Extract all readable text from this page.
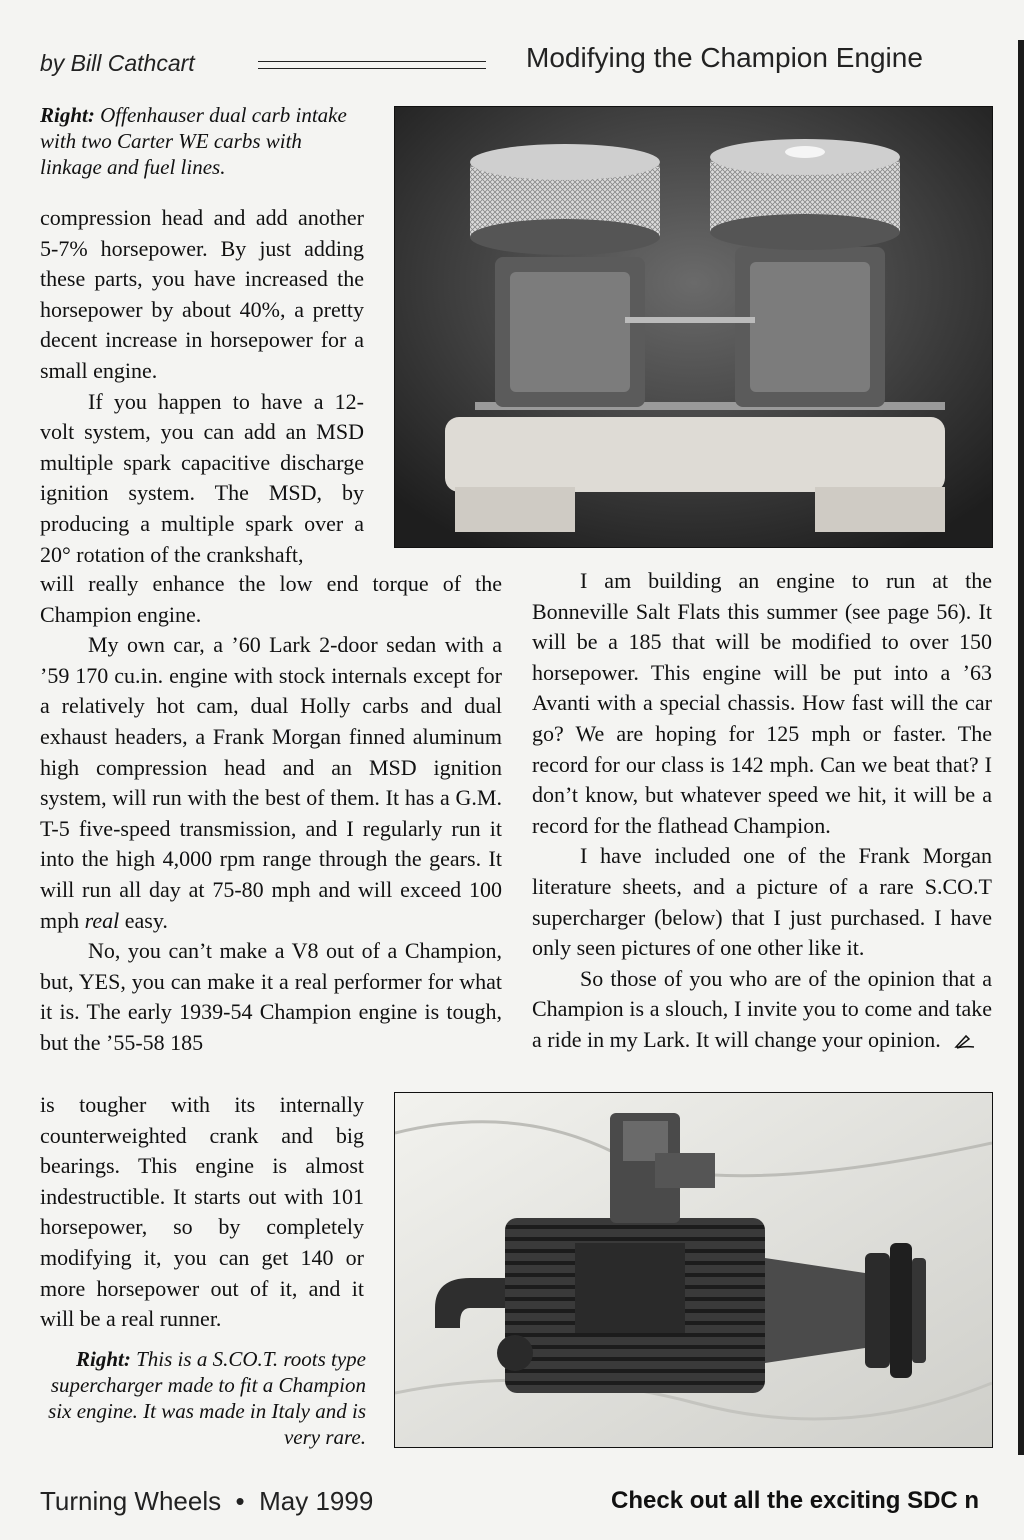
by Bill Cathcart	Modifying the Champion Engine
Right: Offenhauser dual carb intake with two Carter WE carbs with linkage and fuel lines.

compression head and add another 5-7% horsepower. By just adding these parts, you have increased the horsepower by about 40%, a pretty decent increase in horsepower for a small engine.

If you happen to have a 12-volt system, you can add an MSD multiple spark capacitive discharge ignition system. The MSD, by producing a multiple spark over a 20° rotation of the crankshaft,

will really enhance the low end torque of the Champion engine.

My own car, a ’60 Lark 2-door sedan with a ’59 170 cu.in. engine with stock internals except for a relatively hot cam, dual Holly carbs and dual exhaust headers, a Frank Morgan finned aluminum high compression head and an MSD ignition system, will run with the best of them. It has a G.M. T-5 five-speed transmission, and I regularly run it into the high 4,000 rpm range through the gears. It will run all day at 75-80 mph and will exceed 100 mph real easy.

No, you can’t make a V8 out of a Champion, but, YES, you can make it a real performer for what it is. The early 1939-54 Champion engine is tough, but the ’55-58 185

is tougher with its internally counterweighted crank and big bearings. This engine is almost indestructible. It starts out with 101 horsepower, so by completely modifying it, you can get 140 or more horsepower out of it, and it will be a real runner.

I am building an engine to run at the Bonneville Salt Flats this summer (see page 56). It will be a 185 that will be modified to over 150 horsepower. This engine will be put into a ’63 Avanti with a special chassis. How fast will the car go? We are hoping for 125 mph or faster. The record for our class is 142 mph. Can we beat that? I don’t know, but whatever speed we hit, it will be a record for the flathead Champion.

I have included one of the Frank Morgan literature sheets, and a picture of a rare S.CO.T supercharger (below) that I just purchased. I have only seen pictures of one other like it.

So those of you who are of the opinion that a Champion is a slouch, I invite you to come and take a ride in my Lark. It will change your opinion.

Right: This is a S.CO.T. roots type supercharger made to fit a Champion six engine. It was made in Italy and is very rare.
Turning Wheels  •  May 1999	Check out all the exciting SDC n
